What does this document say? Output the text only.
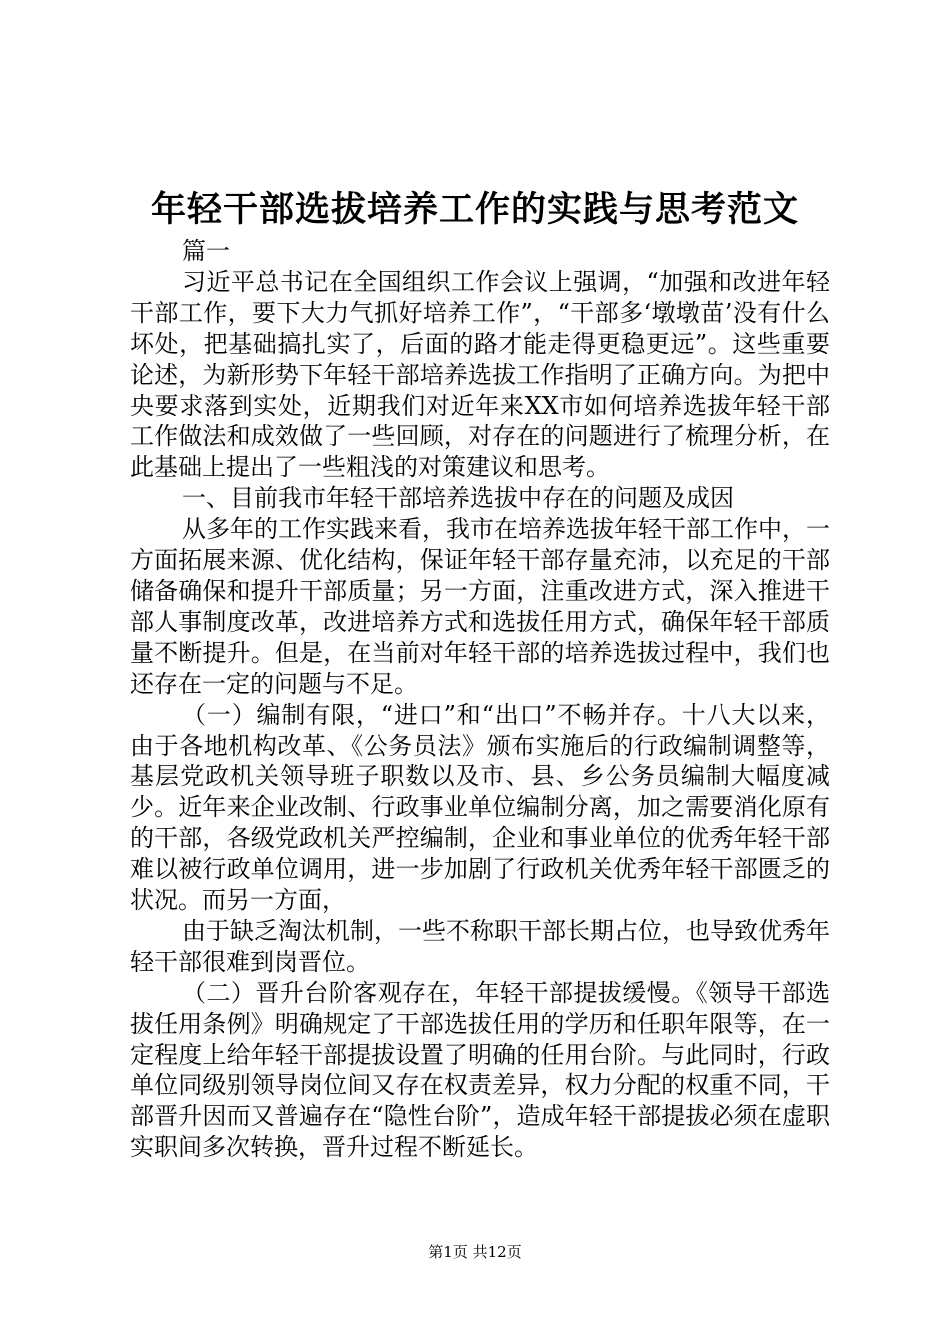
年轻干部选拔培养工作的实践与思考范文

篇一

习近平总书记在全国组织工作会议上强调，“加强和改进年轻干部工作，要下大力气抓好培养工作”，“干部多‘墩墩苗’没有什么坏处，把基础搞扎实了，后面的路才能走得更稳更远”。这些重要论述，为新形势下年轻干部培养选拔工作指明了正确方向。为把中央要求落到实处，近期我们对近年来XX市如何培养选拔年轻干部工作做法和成效做了一些回顾，对存在的问题进行了梳理分析，在此基础上提出了一些粗浅的对策建议和思考。

一、目前我市年轻干部培养选拔中存在的问题及成因

从多年的工作实践来看，我市在培养选拔年轻干部工作中，一方面拓展来源、优化结构，保证年轻干部存量充沛，以充足的干部储备确保和提升干部质量；另一方面，注重改进方式，深入推进干部人事制度改革，改进培养方式和选拔任用方式，确保年轻干部质量不断提升。但是，在当前对年轻干部的培养选拔过程中，我们也还存在一定的问题与不足。

（一）编制有限，“进口”和“出口”不畅并存。十八大以来，由于各地机构改革、《公务员法》颁布实施后的行政编制调整等，基层党政机关领导班子职数以及市、县、乡公务员编制大幅度减少。近年来企业改制、行政事业单位编制分离，加之需要消化原有的干部，各级党政机关严控编制，企业和事业单位的优秀年轻干部难以被行政单位调用，进一步加剧了行政机关优秀年轻干部匮乏的状况。而另一方面，

由于缺乏淘汰机制，一些不称职干部长期占位，也导致优秀年轻干部很难到岗晋位。

（二）晋升台阶客观存在，年轻干部提拔缓慢。《领导干部选拔任用条例》明确规定了干部选拔任用的学历和任职年限等，在一定程度上给年轻干部提拔设置了明确的任用台阶。与此同时，行政单位同级别领导岗位间又存在权责差异，权力分配的权重不同，干部晋升因而又普遍存在“隐性台阶”，造成年轻干部提拔必须在虚职实职间多次转换，晋升过程不断延长。

第1页 共12页
